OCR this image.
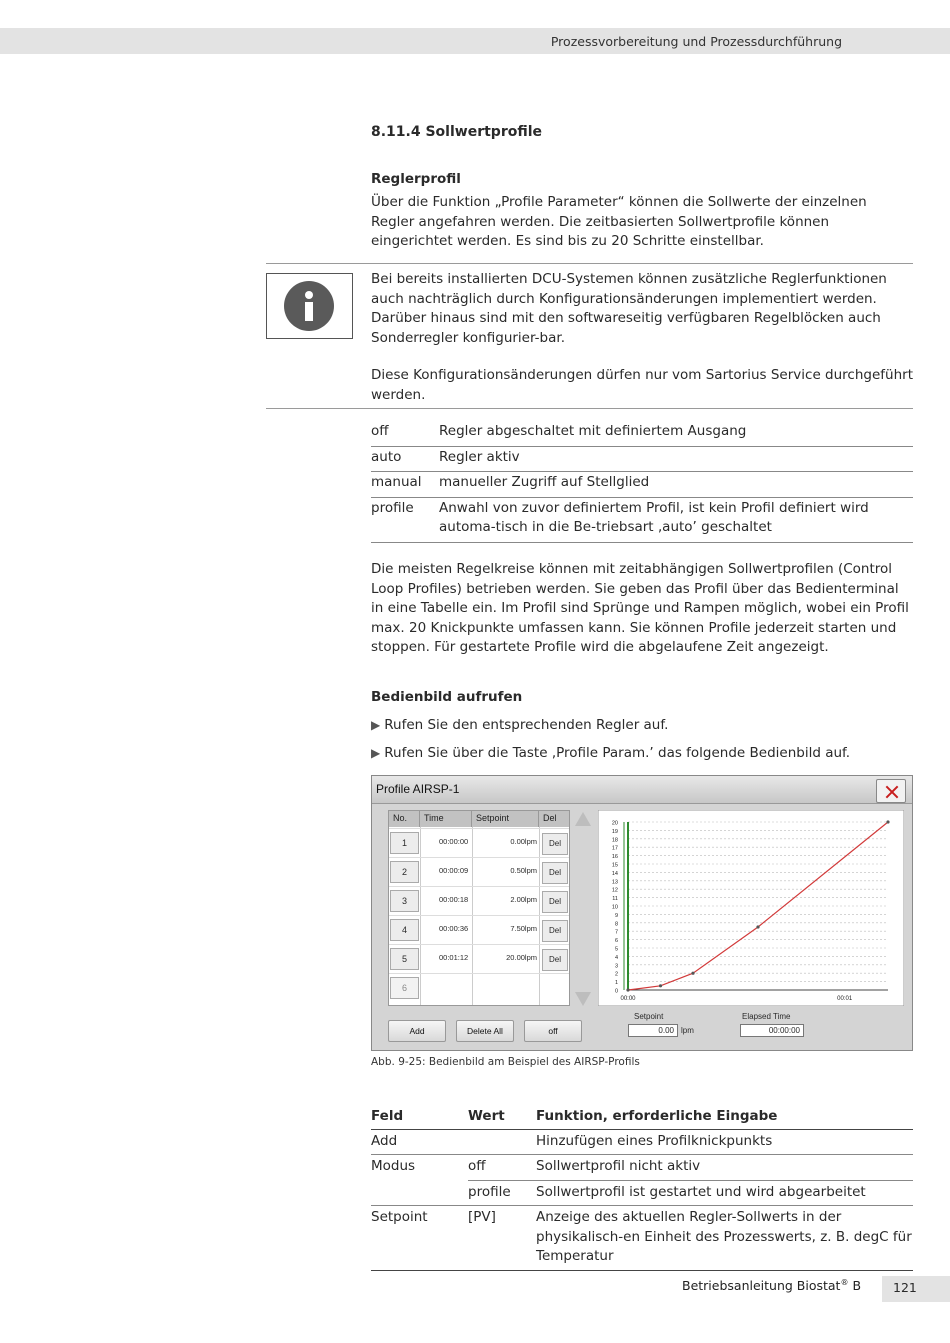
Prozessvorbereitung und Prozessdurchführung
8.11.4 Sollwertprofile
Reglerprofil

Über die Funktion „Profile Parameter“ können die Sollwerte der einzelnen Regler angefahren werden. Die zeitbasierten Sollwertprofile können eingerichtet werden. Es sind bis zu 20 Schritte einstellbar.

Bei bereits installierten DCU-Systemen können zusätzliche Reglerfunktionen auch nachträglich durch Konfigurationsänderungen implementiert werden. Darüber hinaus sind mit den softwareseitig verfügbaren Regelblöcken auch Sonderregler konfigurier-bar.

Diese Konfigurationsänderungen dürfen nur vom Sartorius Service durchgeführt werden.

off	Regler abgeschaltet mit definiertem Ausgang
auto	Regler aktiv
manual	manueller Zugriff auf Stellglied
profile	Anwahl von zuvor definiertem Profil, ist kein Profil definiert wird automa-tisch in die Be-triebsart ‚auto’ geschaltet

Die meisten Regelkreise können mit zeitabhängigen Sollwertprofilen (Control Loop Profiles) betrieben werden. Sie geben das Profil über das Bedienterminal in eine Tabelle ein. Im Profil sind Sprünge und Rampen möglich, wobei ein Profil max. 20 Knickpunkte umfassen kann. Sie können Profile jederzeit starten und stoppen. Für gestartete Profile wird die abgelaufene Zeit angezeigt.

Bedienbild aufrufen
▶ Rufen Sie den entsprechenden Regler auf.
▶ Rufen Sie über die Taste ‚Profile Param.’ das folgende Bedienbild auf.
Profile AIRSP-1
No.	Time	Setpoint	Del
1	00:00:00	0.00lpm	Del
2	00:00:09	0.50lpm	Del
3	00:00:18	2.00lpm	Del
4	00:00:36	7.50lpm	Del
5	00:01:12	20.00lpm	Del
6	0
1
2
3
4
5
6
7
8
9
10
11
12
13
14
15
16
17
18
19
20
00:00	00:01
Setpoint
0.00 lpm
Elapsed Time
00:00:00
Add	Delete All	off
Abb. 9-25: Bedienbild am Beispiel des AIRSP-Profils
Feld	Wert	Funktion, erforderliche Eingabe
Add		Hinzufügen eines Profilknickpunkts
Modus	off	Sollwertprofil nicht aktiv
	profile	Sollwertprofil ist gestartet und wird abgearbeitet
Setpoint	[PV]	Anzeige des aktuellen Regler-Sollwerts in der physikalisch-en Einheit des Prozesswerts, z. B. degC für Temperatur
Betriebsanleitung Biostat® B	121
